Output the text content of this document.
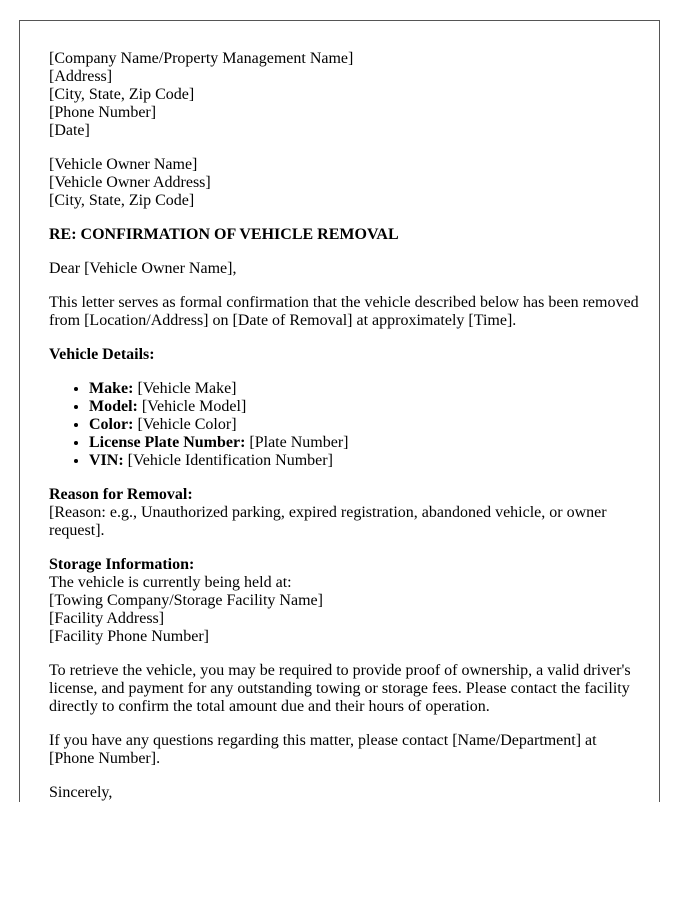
[Company Name/Property Management Name]
[Address]
[City, State, Zip Code]
[Phone Number]
[Date]
[Vehicle Owner Name]
[Vehicle Owner Address]
[City, State, Zip Code]
RE: CONFIRMATION OF VEHICLE REMOVAL
Dear [Vehicle Owner Name],
This letter serves as formal confirmation that the vehicle described below has been removed from [Location/Address] on [Date of Removal] at approximately [Time].
Vehicle Details:
• Make: [Vehicle Make]
• Model: [Vehicle Model]
• Color: [Vehicle Color]
• License Plate Number: [Plate Number]
• VIN: [Vehicle Identification Number]
Reason for Removal:
[Reason: e.g., Unauthorized parking, expired registration, abandoned vehicle, or owner request].
Storage Information:
The vehicle is currently being held at:
[Towing Company/Storage Facility Name]
[Facility Address]
[Facility Phone Number]
To retrieve the vehicle, you may be required to provide proof of ownership, a valid driver's license, and payment for any outstanding towing or storage fees. Please contact the facility directly to confirm the total amount due and their hours of operation.
If you have any questions regarding this matter, please contact [Name/Department] at [Phone Number].
Sincerely,
